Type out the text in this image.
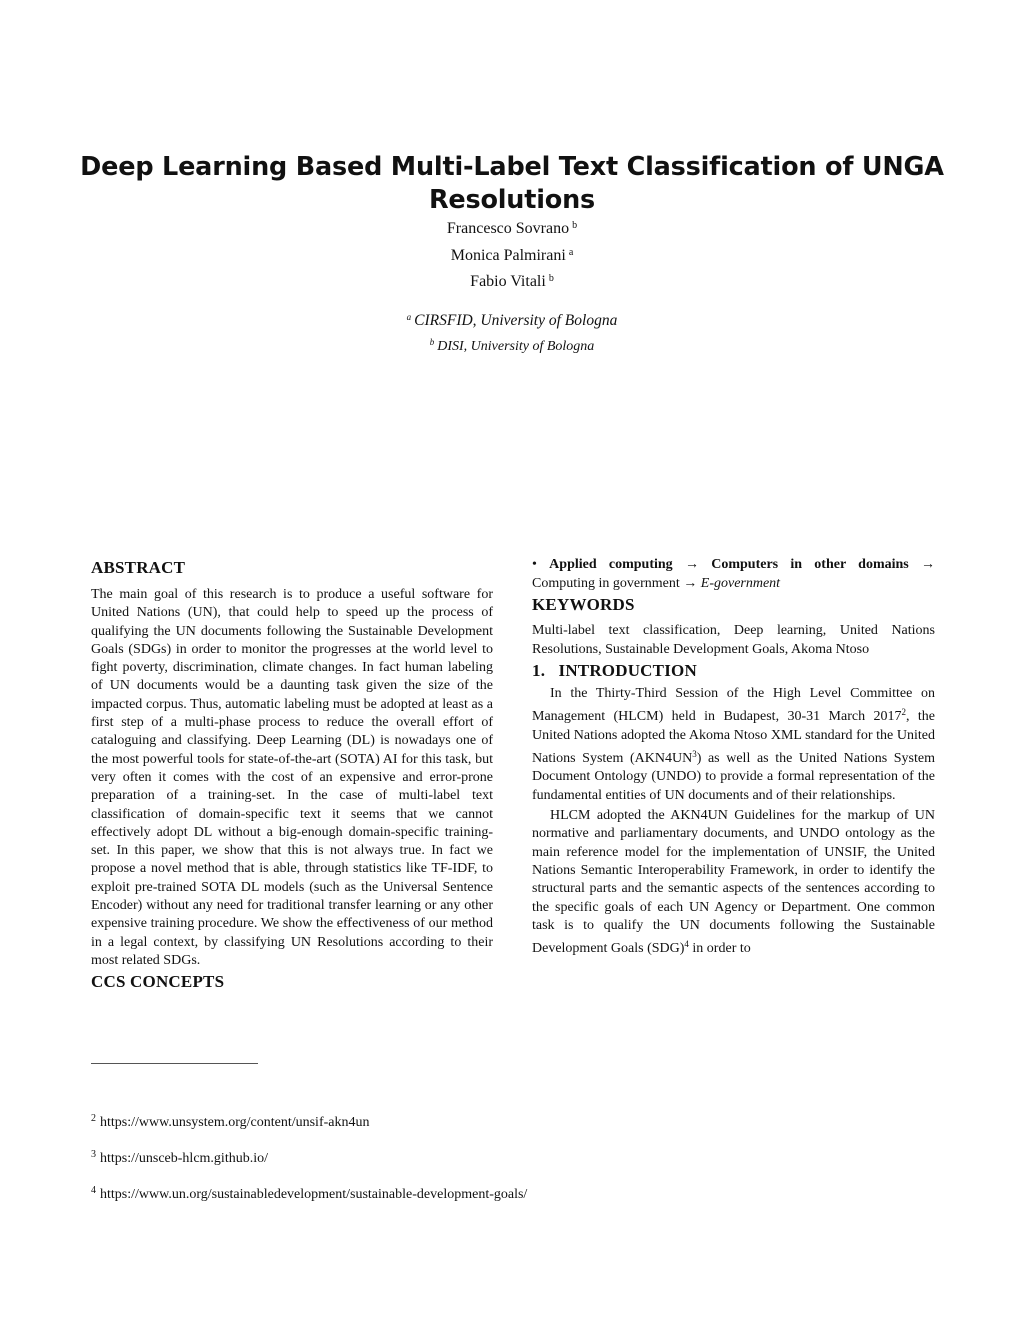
Deep Learning Based Multi-Label Text Classification of UNGA Resolutions
Francesco Sovrano $^b$
Monica Palmirani $^a$
Fabio Vitali $^b$
$^a$ CIRSFID, University of Bologna
$^b$ DISI, University of Bologna
ABSTRACT

The main goal of this research is to produce a useful software for United Nations (UN), that could help to speed up the process of qualifying the UN documents following the Sustainable Development Goals (SDGs) in order to monitor the progresses at the world level to fight poverty, discrimination, climate changes. In fact human labeling of UN documents would be a daunting task given the size of the impacted corpus. Thus, automatic labeling must be adopted at least as a first step of a multi-phase process to reduce the overall effort of cataloguing and classifying. Deep Learning (DL) is nowadays one of the most powerful tools for state-of-the-art (SOTA) AI for this task, but very often it comes with the cost of an expensive and error-prone preparation of a training-set. In the case of multi-label text classification of domain-specific text it seems that we cannot effectively adopt DL without a big-enough domain-specific training-set. In this paper, we show that this is not always true. In fact we propose a novel method that is able, through statistics like TF-IDF, to exploit pre-trained SOTA DL models (such as the Universal Sentence Encoder) without any need for traditional transfer learning or any other expensive training procedure. We show the effectiveness of our method in a legal context, by classifying UN Resolutions according to their most related SDGs.

CCS CONCEPTS

• Applied computing → Computers in other domains →

Computing in government → E-government

KEYWORDS

Multi-label text classification, Deep learning, United Nations Resolutions, Sustainable Development Goals, Akoma Ntoso

1.   INTRODUCTION

In the Thirty-Third Session of the High Level Committee on Management (HLCM) held in Budapest, 30-31 March 2017$^2$, the United Nations adopted the Akoma Ntoso XML standard for the United Nations System (AKN4UN$^3$) as well as the United Nations System Document Ontology (UNDO) to provide a formal representation of the fundamental entities of UN documents and of their relationships.

HLCM adopted the AKN4UN Guidelines for the markup of UN normative and parliamentary documents, and UNDO ontology as the main reference model for the implementation of UNSIF, the United Nations Semantic Interoperability Framework, in order to identify the structural parts and the semantic aspects of the sentences according to the specific goals of each UN Agency or Department. One common task is to qualify the UN documents following the Sustainable Development Goals (SDG)$^4$ in order to

$^2$ https://www.unsystem.org/content/unsif-akn4un
$^3$ https://unsceb-hlcm.github.io/
$^4$ https://www.un.org/sustainabledevelopment/sustainable-development-goals/
